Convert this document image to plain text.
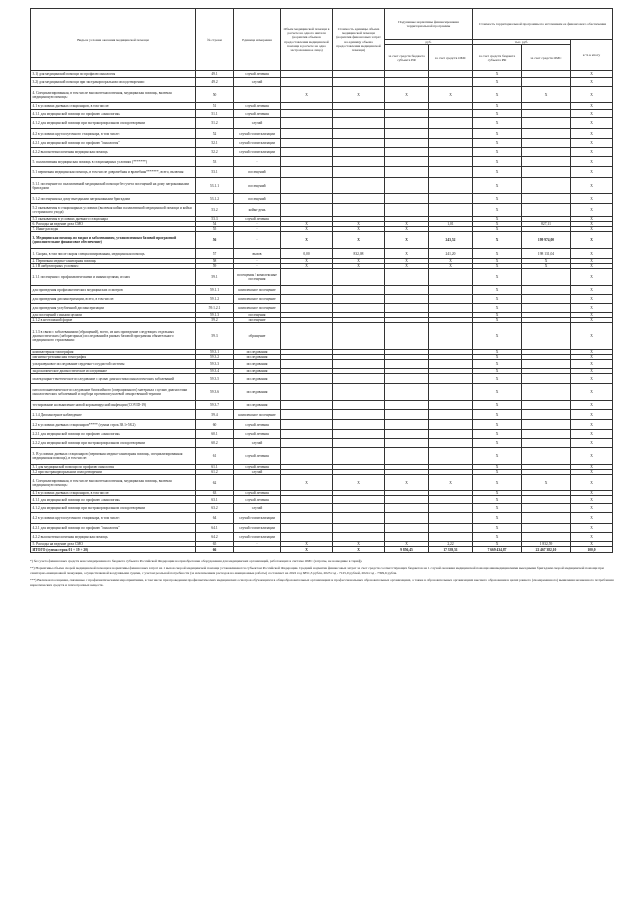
Виды и условия оказания медицинской помощи	№ строки	Единица измерения	Объем медицинской помощи в расчете на одного жителя (норматив объемов предоставления медицинской помощи в расчете на одно застрахованное лицо)	Стоимость единицы объема медицинской помощи (норматив финансовых затрат на единицу объема предоставления медицинской помощи)	Подушевые нормативы финансирования территориальной программы		Стоимость территориальной программы по источникам ее финансового обеспечения		
					руб.		тыс. руб.		в % к итогу
					за счет средств бюджета субъекта РФ	за счет средств ОМС	за счет средств бюджета субъекта РФ	за счет средств ОМС	
3.1) для медицинской помощи по профилю онкология	49.1	случай лечения					X		X
3.2) для медицинской помощи при экстракорпоральном оплодотворении:	49.2	случай					X		X
4. Специализированная, в том числе высокотехнологичная, медицинская помощь, включая медицинскую помощь:	50		X	X	X	X	X	X	X
4.1 в условиях дневных стационаров, в том числе:	51	случай лечения					X		X
4.1.1 для медицинской помощи по профилю «онкология»	51.1	случай лечения					X		X
4.1.2 для медицинской помощи при экстракорпоральном оплодотворении	51.2	случай					X		X
4.2 в условиях круглосуточного стационара, в том числе:	52	случай госпитализации					X		X
4.2.1 для медицинской помощи по профилю "онкология"	52.1	случай госпитализации					X		X
4.2.2 высокотехнологичная медицинская помощь	52.2	случай госпитализации					X		X
5. паллиативная медицинская помощь в стационарных условиях (*******)	53	-					X		X
5.1 первичная медицинская помощь, в том числе доврачебная и врачебная*******, всего, включая:	53.1	посещений					X		X
5.1.1 посещение по паллиативной медицинской помощи без учета посещений на дому патронажными бригадами	53.1.1	посещений					X		X
5.1.2 посещения на дому выездными патронажными бригадами	53.1.2	посещений					X		X
5.2 оказываемая в стационарных условиях (включая койки паллиативной медицинской помощи и койки сестринского ухода)	53.2	койко-день					X		X
5.3 оказываемая в условиях дневного стационара	53.3	случай лечения					X		X
6. Расходы на ведение дела СМО	54	-	X	X	X	1,01	X	827,11	X
7. Иные расходы	55	-	X	X	X		X		X
3. Медицинская помощь по видам и заболеваниям, установленным базовой программой (дополнительное финансовое обеспечение)	56	-	X	X	X	243,52	X	199 974,00	X
1. Скорая, в том числе скорая специализированная, медицинская помощь	57	вызов	0,00	832,08	X	241,20	X	198 131,04	X
2. Первичная медико-санитарная помощь	58	-	X	X	X	X	X	X	X
2.1 В амбулаторных условиях:	59	-	X	X	X	X	X	X	X
2.1.1 посещения с профилактическими и иными целями, из них	59.1	посещения / комплексные посещения					X		X
для проведения профилактических медицинских осмотров	59.1.1	комплексное посещение					X		X
для проведения диспансеризации, всего, в том числе:	59.1.2	комплексное посещение					X		X
для проведения углубленной диспансеризации	59.1.2.1	комплексное посещение					X		X
для посещений с иными целями	59.1.3	посещения					X		X
2.1.2 в неотложной форме	59.2	посещение					X		X
2.1.3 в связи с заболеваниями (обращений), всего, из них проведение следующих отдельных диагностических (лабораторных) исследований в рамках базовой программы обязательного медицинского страхования:	59.3	обращение					X		X
компьютерная томография	59.3.1	исследования					X		X
магнитно-резонансная томография	59.3.2	исследования					X		X
ультразвуковое исследование сердечно-сосудистой системы	59.3.3	исследования					X		X
эндоскопическое диагностическое исследование	59.3.4	исследования					X		X
молекулярно-генетическое исследование с целью диагностики онкологических заболеваний	59.3.5	исследования					X		X
патологоанатомическое исследование биопсийного (операционного) материала с целью диагностики онкологических заболеваний и подбора противоопухолевой лекарственной терапии	59.3.6	исследования					X		X
тестирование на выявление новой коронавирусной инфекции (COVID-19)	59.3.7	исследования					X		X
2.1.4 Диспансерное наблюдение	59.4	комплексное посещение					X		X
2.2 в условиях дневных стационаров***** (сумма строк 38.1+58.2)	60	случай лечения					X		X
2.2.1 для медицинской помощи по профилю «онкология»	60.1	случай лечения					X		X
2.2.2 для медицинской помощи при экстракорпоральном оплодотворении	60.2	случай					X		X
3. В условиях дневных стационаров (первичная медико-санитарная помощь, специализированная медицинская помощь), в том числе:	61	случай лечения					X		X
3.1 для медицинской помощи по профилю онкология	61.1	случай лечения					X		X
3.2 при экстракорпоральном оплодотворении	61.2	случай					X		X
4. Специализированная, в том числе высокотехнологичная, медицинская помощь, включая медицинскую помощь:	62		X	X	X	X	X	X	X
4.1 в условиях дневных стационаров, в том числе:	63	случай лечения					X		X
4.1.1 для медицинской помощи по профилю «онкология»	63.1	случай лечения					X		X
4.1.2 для медицинской помощи при экстракорпоральном оплодотворении	63.2	случай					X		X
4.2 в условиях круглосуточного стационара, в том числе:	64	случай госпитализации					X		X
4.2.1 для медицинской помощи по профилю "онкология"	64.1	случай госпитализации					X		X
4.2.2 высокотехнологичная медицинская помощь	64.2	случай госпитализации					X		X
5. Расходы на ведение дела СМО	65	-	X	X	X	2,22	X	1 832,59	X
ИТОГО (сумма строк 01 + 19 + 20)	66		X	X	9 856,45	17 339,51	7 669 434,87	22 467 382,10	100,0
*) без учета финансовых средств консолидированного бюджета субъекта Российской Федерации на приобретение оборудования для медицинских организаций, работающих в системе ОМС (затраты, не вошедшие в тариф).
**) Нормативы объема скорой медицинской помощи и нормативы финансовых затрат на 1 вызов скорой медицинской помощи устанавливаются субъектом Российской Федерации. Средний норматив финансовых затрат за счет средств соответствующих бюджетов на 1 случай оказания медицинской помощи авиамедицинскими выездными бригадами скорой медицинской помощи при санитарно-авиационной эвакуации, осуществляемой воздушными судами, с учетом реальной потребности (за исключением расходов на авиационные работы) составляет на 2022 год 6851,3 рубля, 2023 год - 7125,0 рублей, 2024 год - 7399,6 рубля.
***) Включая посещения, связанные с профилактическими мероприятиями, в том числе при проведении профилактических медицинских осмотров обучающихся в общеобразовательных организациях и профессиональных образовательных организациях, а также в образовательных организациях высшего образования в целях раннего (своевременного) выявления незаконного потребления наркотических средств и психотропных веществ.
